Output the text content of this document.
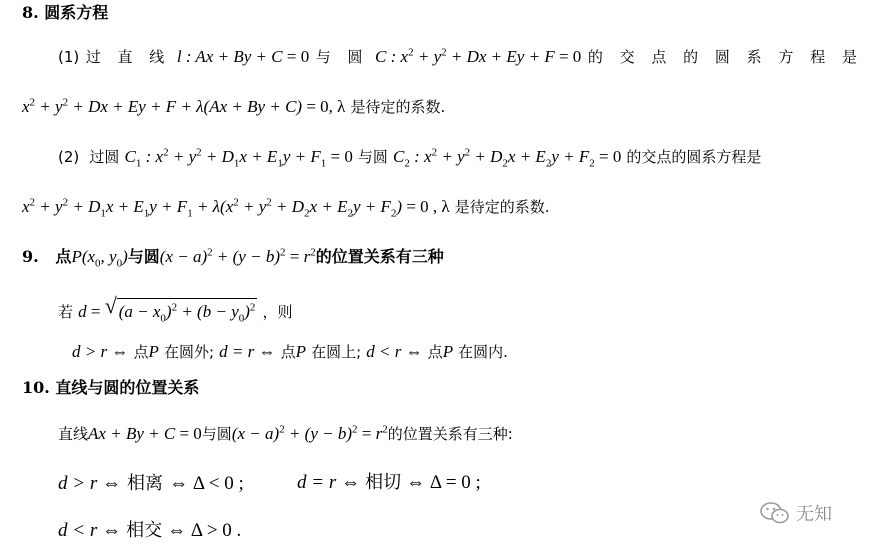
8. 圆系方程
(1) 过 直 线 l : Ax + By + C = 0 与 圆 C : $x^2 + y^2 + Dx + Ey + F = 0$ 的 交 点 的 圆 系 方 程 是
$x^2 + y^2 + Dx + Ey + F + \lambda(Ax + By + C) = 0$, λ 是待定的系数.
(2) 过圆 $C_1$ : $x^2 + y^2 + D_1x + E_1y + F_1 = 0$ 与圆 $C_2$ : $x^2 + y^2 + D_2x + E_2y + F_2 = 0$ 的交点的圆系方程是
$x^2 + y^2 + D_1x + E_1y + F_1 + \lambda(x^2 + y^2 + D_2x + E_2y + F_2) = 0$ , λ 是待定的系数.
9. 点$P(x_0$, $y_0$)与圆$(x - a)^2 + (y - b)^2 = r^2$的位置关系有三种
若 d = √ $(a - x_0)^2 + (b - y_0)^2$ ，则
d > r ⇔ 点P 在圆外; d = r ⇔ 点P 在圆上; d < r ⇔ 点P 在圆内.
10. 直线与圆的位置关系
直线Ax + By + C = 0与圆$(x - a)^2 + (y - b)^2 = r^2$的位置关系有三种:
d > r ⇔ 相离 ⇔ Δ < 0 ;	d = r ⇔ 相切 ⇔ Δ = 0 ;
d < r ⇔ 相交 ⇔ Δ > 0 .
无知
